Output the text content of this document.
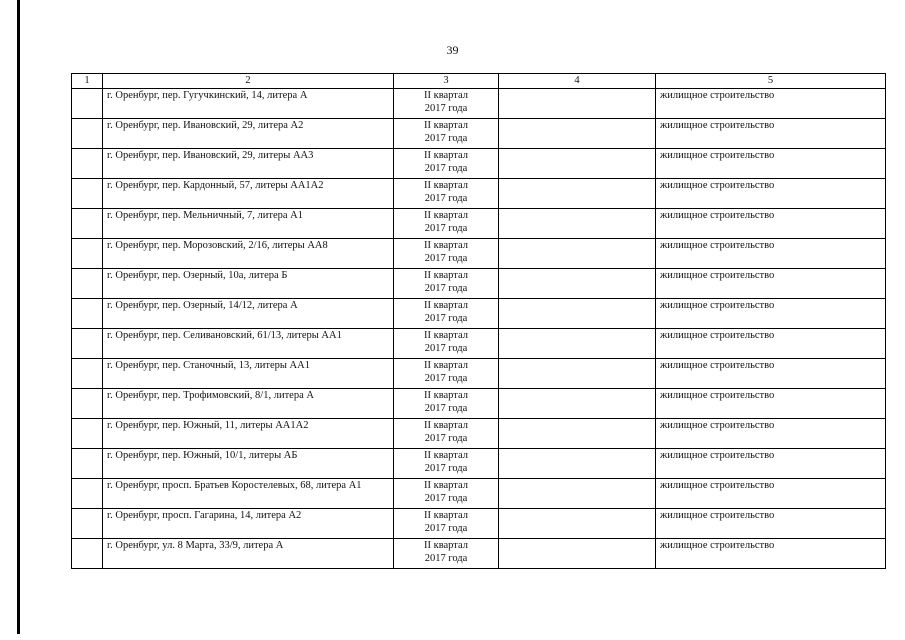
39
1	2	3	4	5
	г. Оренбург, пер. Гугучкинский, 14, литера А	II квартал
2017 года		жилищное строительство
	г. Оренбург, пер. Ивановский, 29, литера А2	II квартал
2017 года		жилищное строительство
	г. Оренбург, пер. Ивановский, 29, литеры АА3	II квартал
2017 года		жилищное строительство
	г. Оренбург, пер. Кардонный, 57, литеры АА1А2	II квартал
2017 года		жилищное строительство
	г. Оренбург, пер. Мельничный, 7, литера А1	II квартал
2017 года		жилищное строительство
	г. Оренбург, пер. Морозовский, 2/16, литеры АА8	II квартал
2017 года		жилищное строительство
	г. Оренбург, пер. Озерный, 10а, литера Б	II квартал
2017 года		жилищное строительство
	г. Оренбург, пер. Озерный, 14/12, литера А	II квартал
2017 года		жилищное строительство
	г. Оренбург, пер. Селивановский, 61/13, литеры АА1	II квартал
2017 года		жилищное строительство
	г. Оренбург, пер. Станочный, 13, литеры АА1	II квартал
2017 года		жилищное строительство
	г. Оренбург, пер. Трофимовский, 8/1, литера А	II квартал
2017 года		жилищное строительство
	г. Оренбург, пер. Южный, 11, литеры АА1А2	II квартал
2017 года		жилищное строительство
	г. Оренбург, пер. Южный, 10/1, литеры АБ	II квартал
2017 года		жилищное строительство
	г. Оренбург, просп. Братьев Коростелевых, 68, литера А1	II квартал
2017 года		жилищное строительство
	г. Оренбург, просп. Гагарина, 14, литера А2	II квартал
2017 года		жилищное строительство
	г. Оренбург, ул. 8 Марта, 33/9, литера А	II квартал
2017 года		жилищное строительство
